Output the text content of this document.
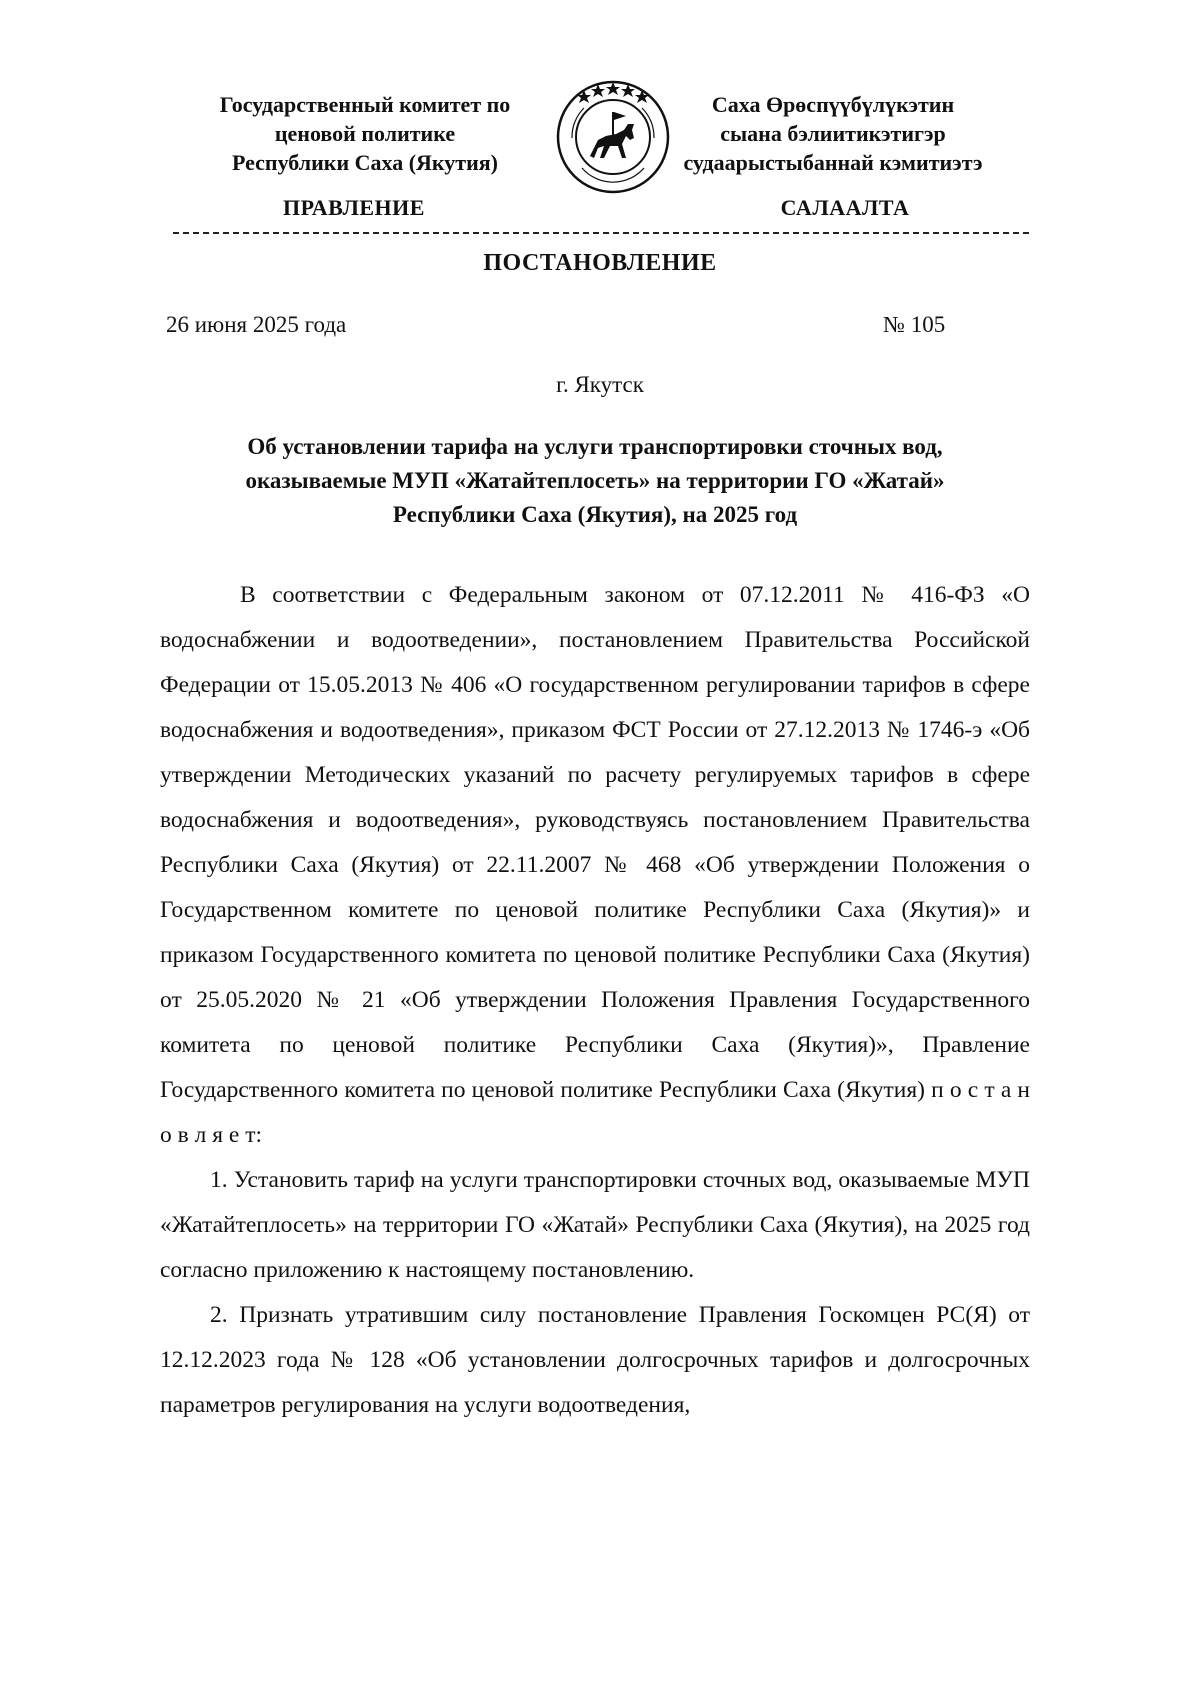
Государственный комитет по
ценовой политике
Республики Саха (Якутия)
Саха Өрөспүүбүлүкэтин
сыана бэлиитикэтигэр
судаарыстыбаннай кэмитиэтэ
ПРАВЛЕНИЕ	САЛААЛТА
ПОСТАНОВЛЕНИЕ
26 июня 2025 года	№ 105
г. Якутск
Об установлении тарифа на услуги транспортировки сточных вод,
оказываемые МУП «Жатайтеплосеть» на территории ГО «Жатай»
Республики Саха (Якутия), на 2025 год

В соответствии с Федеральным законом от 07.12.2011 № 416-ФЗ «О водоснабжении и водоотведении», постановлением Правительства Российской Федерации от 15.05.2013 № 406 «О государственном регулировании тарифов в сфере водоснабжения и водоотведения», приказом ФСТ России от 27.12.2013 № 1746-э «Об утверждении Методических указаний по расчету регулируемых тарифов в сфере водоснабжения и водоотведения», руководствуясь постановлением Правительства Республики Саха (Якутия) от 22.11.2007 № 468 «Об утверждении Положения о Государственном комитете по ценовой политике Республики Саха (Якутия)» и приказом Государственного комитета по ценовой политике Республики Саха (Якутия) от 25.05.2020 № 21 «Об утверждении Положения Правления Государственного комитета по ценовой политике Республики Саха (Якутия)», Правление Государственного комитета по ценовой политике Республики Саха (Якутия) п о с т а н о в л я е т:

1. Установить тариф на услуги транспортировки сточных вод, оказываемые МУП «Жатайтеплосеть» на территории ГО «Жатай» Республики Саха (Якутия), на 2025 год согласно приложению к настоящему постановлению.

2. Признать утратившим силу постановление Правления Госкомцен РС(Я) от 12.12.2023 года № 128 «Об установлении долгосрочных тарифов и долгосрочных параметров регулирования на услуги водоотведения,
